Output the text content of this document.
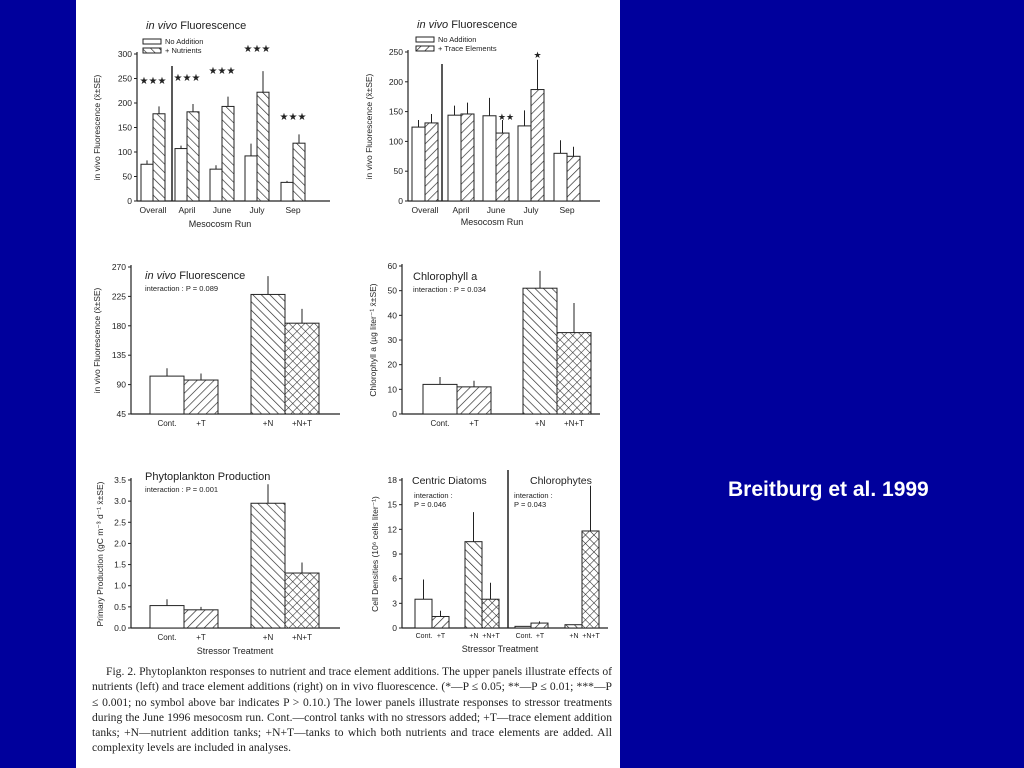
0
50
100
150
200
250
300
in vivo Fluorescence (x̄±SE)
Mesocosm Run
in vivo Fluorescence
No Addition
+ Nutrients
Overall April June July Sep
★★★ ★★★
★★★
★★★
★★★
0
50
100
150
200
250
in vivo Fluorescence (x̄±SE)
Mesocosm Run
in vivo Fluorescence
No Addition
+ Trace Elements
Overall April June July Sep
★★
★
45
90
135
180
225
270
in vivo Fluorescence (x̄±SE)
in vivo Fluorescence
interaction : P = 0.089
Cont. +T	+N +N+T
0
10
20
30
40
50
60
Chlorophyll a (µg liter⁻¹ x̄±SE)
Chlorophyll a
interaction : P = 0.034
Cont. +T	+N +N+T
0.0
0.5
1.0
1.5
2.0
2.5
3.0
3.5
Primary Production (gC m⁻³ d⁻¹ x̄±SE)
Stressor Treatment
Phytoplankton Production
interaction : P = 0.001
Cont. +T	+N +N+T
0
3
6
9
12
15
18
Cell Densities (10⁶ cells liter⁻¹)
Stressor Treatment
Centric Diatoms
interaction :
P = 0.046
Cont. +T	+N +N+T
Chlorophytes
interaction :
P = 0.043
Cont. +T	+N +N+T
Fig. 2. Phytoplankton responses to nutrient and trace element additions. The upper panels illustrate effects of nutrients (left) and trace element additions (right) on in vivo fluorescence. (*—P ≤ 0.05; **—P ≤ 0.01; ***—P ≤ 0.001; no symbol above bar indicates P > 0.10.) The lower panels illustrate responses to stressor treatments during the June 1996 mesocosm run. Cont.—control tanks with no stressors added; +T—trace element addition tanks; +N—nutrient addition tanks; +N+T—tanks to which both nutrients and trace elements are added. All complexity levels are included in analyses.
Breitburg et al. 1999
